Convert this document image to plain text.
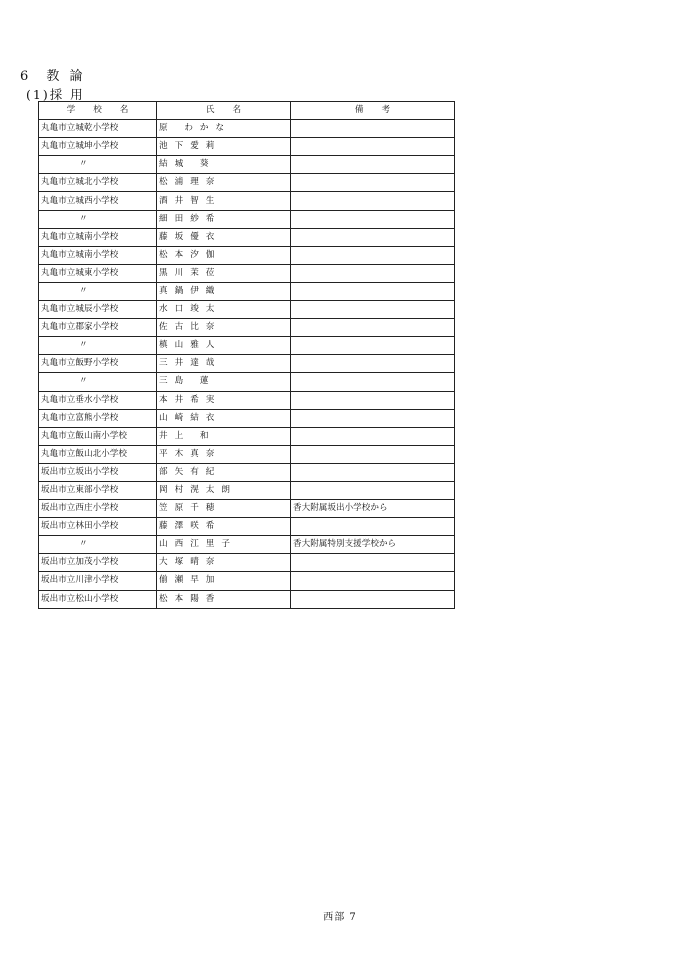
6 教 論
(1)採 用
学校名	氏名	備考
丸亀市立城乾小学校	原 わかな	
丸亀市立城坤小学校	池下愛莉	
〃	結城 葵	
丸亀市立城北小学校	松浦理奈	
丸亀市立城西小学校	酒井智生	
〃	細田紗希	
丸亀市立城南小学校	藤坂優衣	
丸亀市立城南小学校	松本汐伽	
丸亀市立城東小学校	黒川茉莅	
〃	真鍋伊織	
丸亀市立城辰小学校	水口竣太	
丸亀市立郡家小学校	佐古比奈	
〃	槙山雅人	
丸亀市立飯野小学校	三井達哉	
〃	三島 蓮	
丸亀市立垂水小学校	本井希実	
丸亀市立富熊小学校	山崎結衣	
丸亀市立飯山南小学校	井上 和	
丸亀市立飯山北小学校	平木真奈	
坂出市立坂出小学校	部矢有紀	
坂出市立東部小学校	岡村滉太朗	
坂出市立西庄小学校	笠原千穂	香大附属坂出小学校から
坂出市立林田小学校	藤澤咲希	
〃	山西江里子	香大附属特別支援学校から
坂出市立加茂小学校	大塚晴奈	
坂出市立川津小学校	偂瀬早加	
坂出市立松山小学校	松本陽香	
西部 7
